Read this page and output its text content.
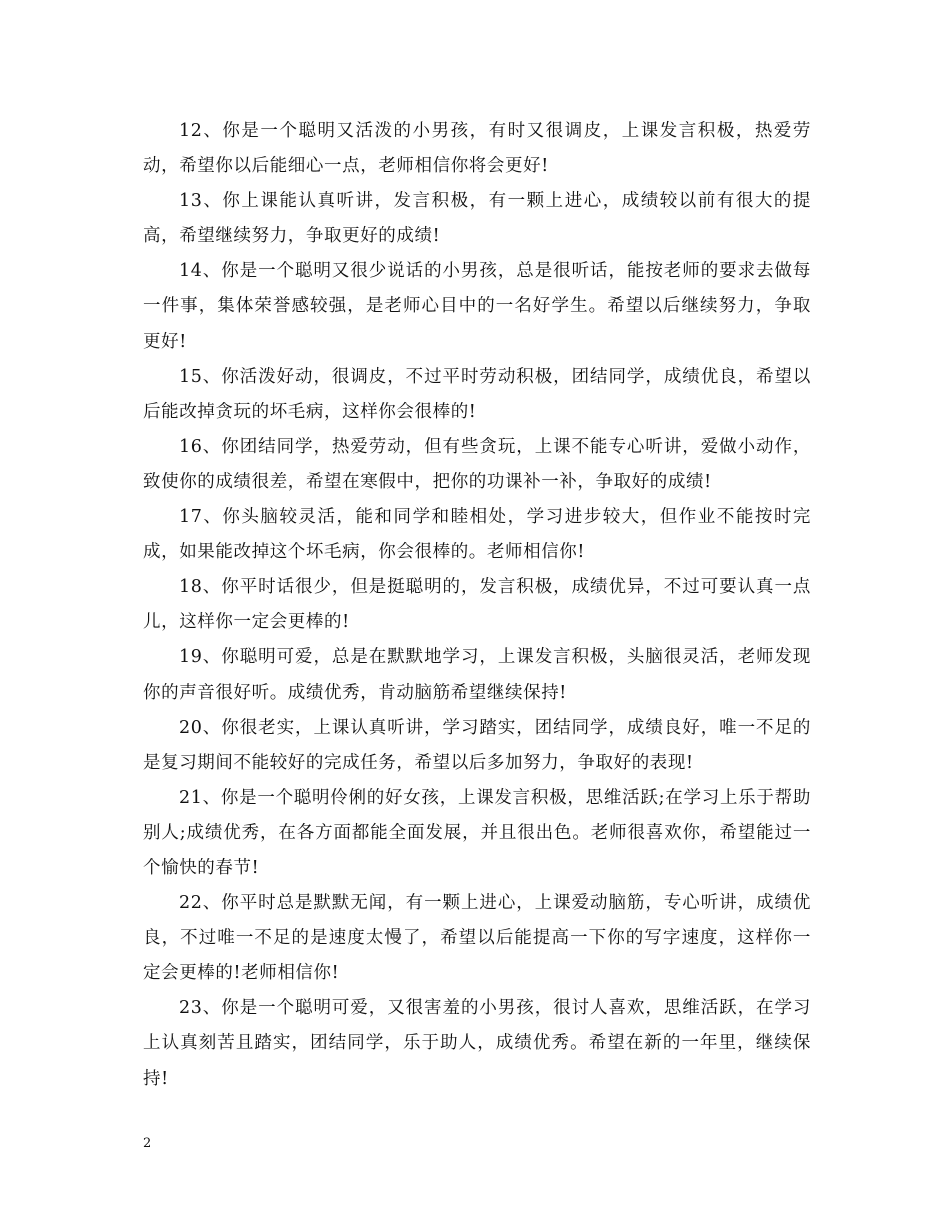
12、你是一个聪明又活泼的小男孩，有时又很调皮，上课发言积极，热爱劳动，希望你以后能细心一点，老师相信你将会更好!

13、你上课能认真听讲，发言积极，有一颗上进心，成绩较以前有很大的提高，希望继续努力，争取更好的成绩!

14、你是一个聪明又很少说话的小男孩，总是很听话，能按老师的要求去做每一件事，集体荣誉感较强，是老师心目中的一名好学生。希望以后继续努力，争取更好!

15、你活泼好动，很调皮，不过平时劳动积极，团结同学，成绩优良，希望以后能改掉贪玩的坏毛病，这样你会很棒的!

16、你团结同学，热爱劳动，但有些贪玩，上课不能专心听讲，爱做小动作，致使你的成绩很差，希望在寒假中，把你的功课补一补，争取好的成绩!

17、你头脑较灵活，能和同学和睦相处，学习进步较大，但作业不能按时完成，如果能改掉这个坏毛病，你会很棒的。老师相信你!

18、你平时话很少，但是挺聪明的，发言积极，成绩优异，不过可要认真一点儿，这样你一定会更棒的!

19、你聪明可爱，总是在默默地学习，上课发言积极，头脑很灵活，老师发现你的声音很好听。成绩优秀，肯动脑筋希望继续保持!

20、你很老实，上课认真听讲，学习踏实，团结同学，成绩良好，唯一不足的是复习期间不能较好的完成任务，希望以后多加努力，争取好的表现!

21、你是一个聪明伶俐的好女孩，上课发言积极，思维活跃;在学习上乐于帮助别人;成绩优秀，在各方面都能全面发展，并且很出色。老师很喜欢你，希望能过一个愉快的春节!

22、你平时总是默默无闻，有一颗上进心，上课爱动脑筋，专心听讲，成绩优良，不过唯一不足的是速度太慢了，希望以后能提高一下你的写字速度，这样你一定会更棒的!老师相信你!

23、你是一个聪明可爱，又很害羞的小男孩，很讨人喜欢，思维活跃，在学习上认真刻苦且踏实，团结同学，乐于助人，成绩优秀。希望在新的一年里，继续保持!

2
